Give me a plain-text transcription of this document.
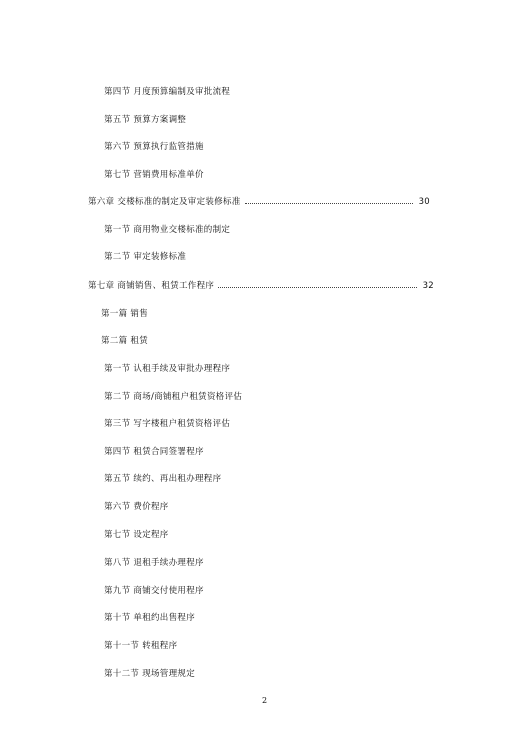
第四节 月度预算编制及审批流程
第五节 预算方案调整
第六节 预算执行监管措施
第七节 营销费用标准单价
第六章 交楼标准的制定及审定装修标准	30
第一节 商用物业交楼标准的制定
第二节 审定装修标准
第七章 商铺销售、租赁工作程序	32
第一篇 销售
第二篇 租赁
第一节 认租手续及审批办理程序
第二节 商场/商铺租户租赁资格评估
第三节 写字楼租户租赁资格评估
第四节 租赁合同签署程序
第五节 续约、再出租办理程序
第六节 费价程序
第七节 设定程序
第八节 退租手续办理程序
第九节 商铺交付使用程序
第十节 单租约出售程序
第十一节 转租程序
第十二节 现场管理规定
2
